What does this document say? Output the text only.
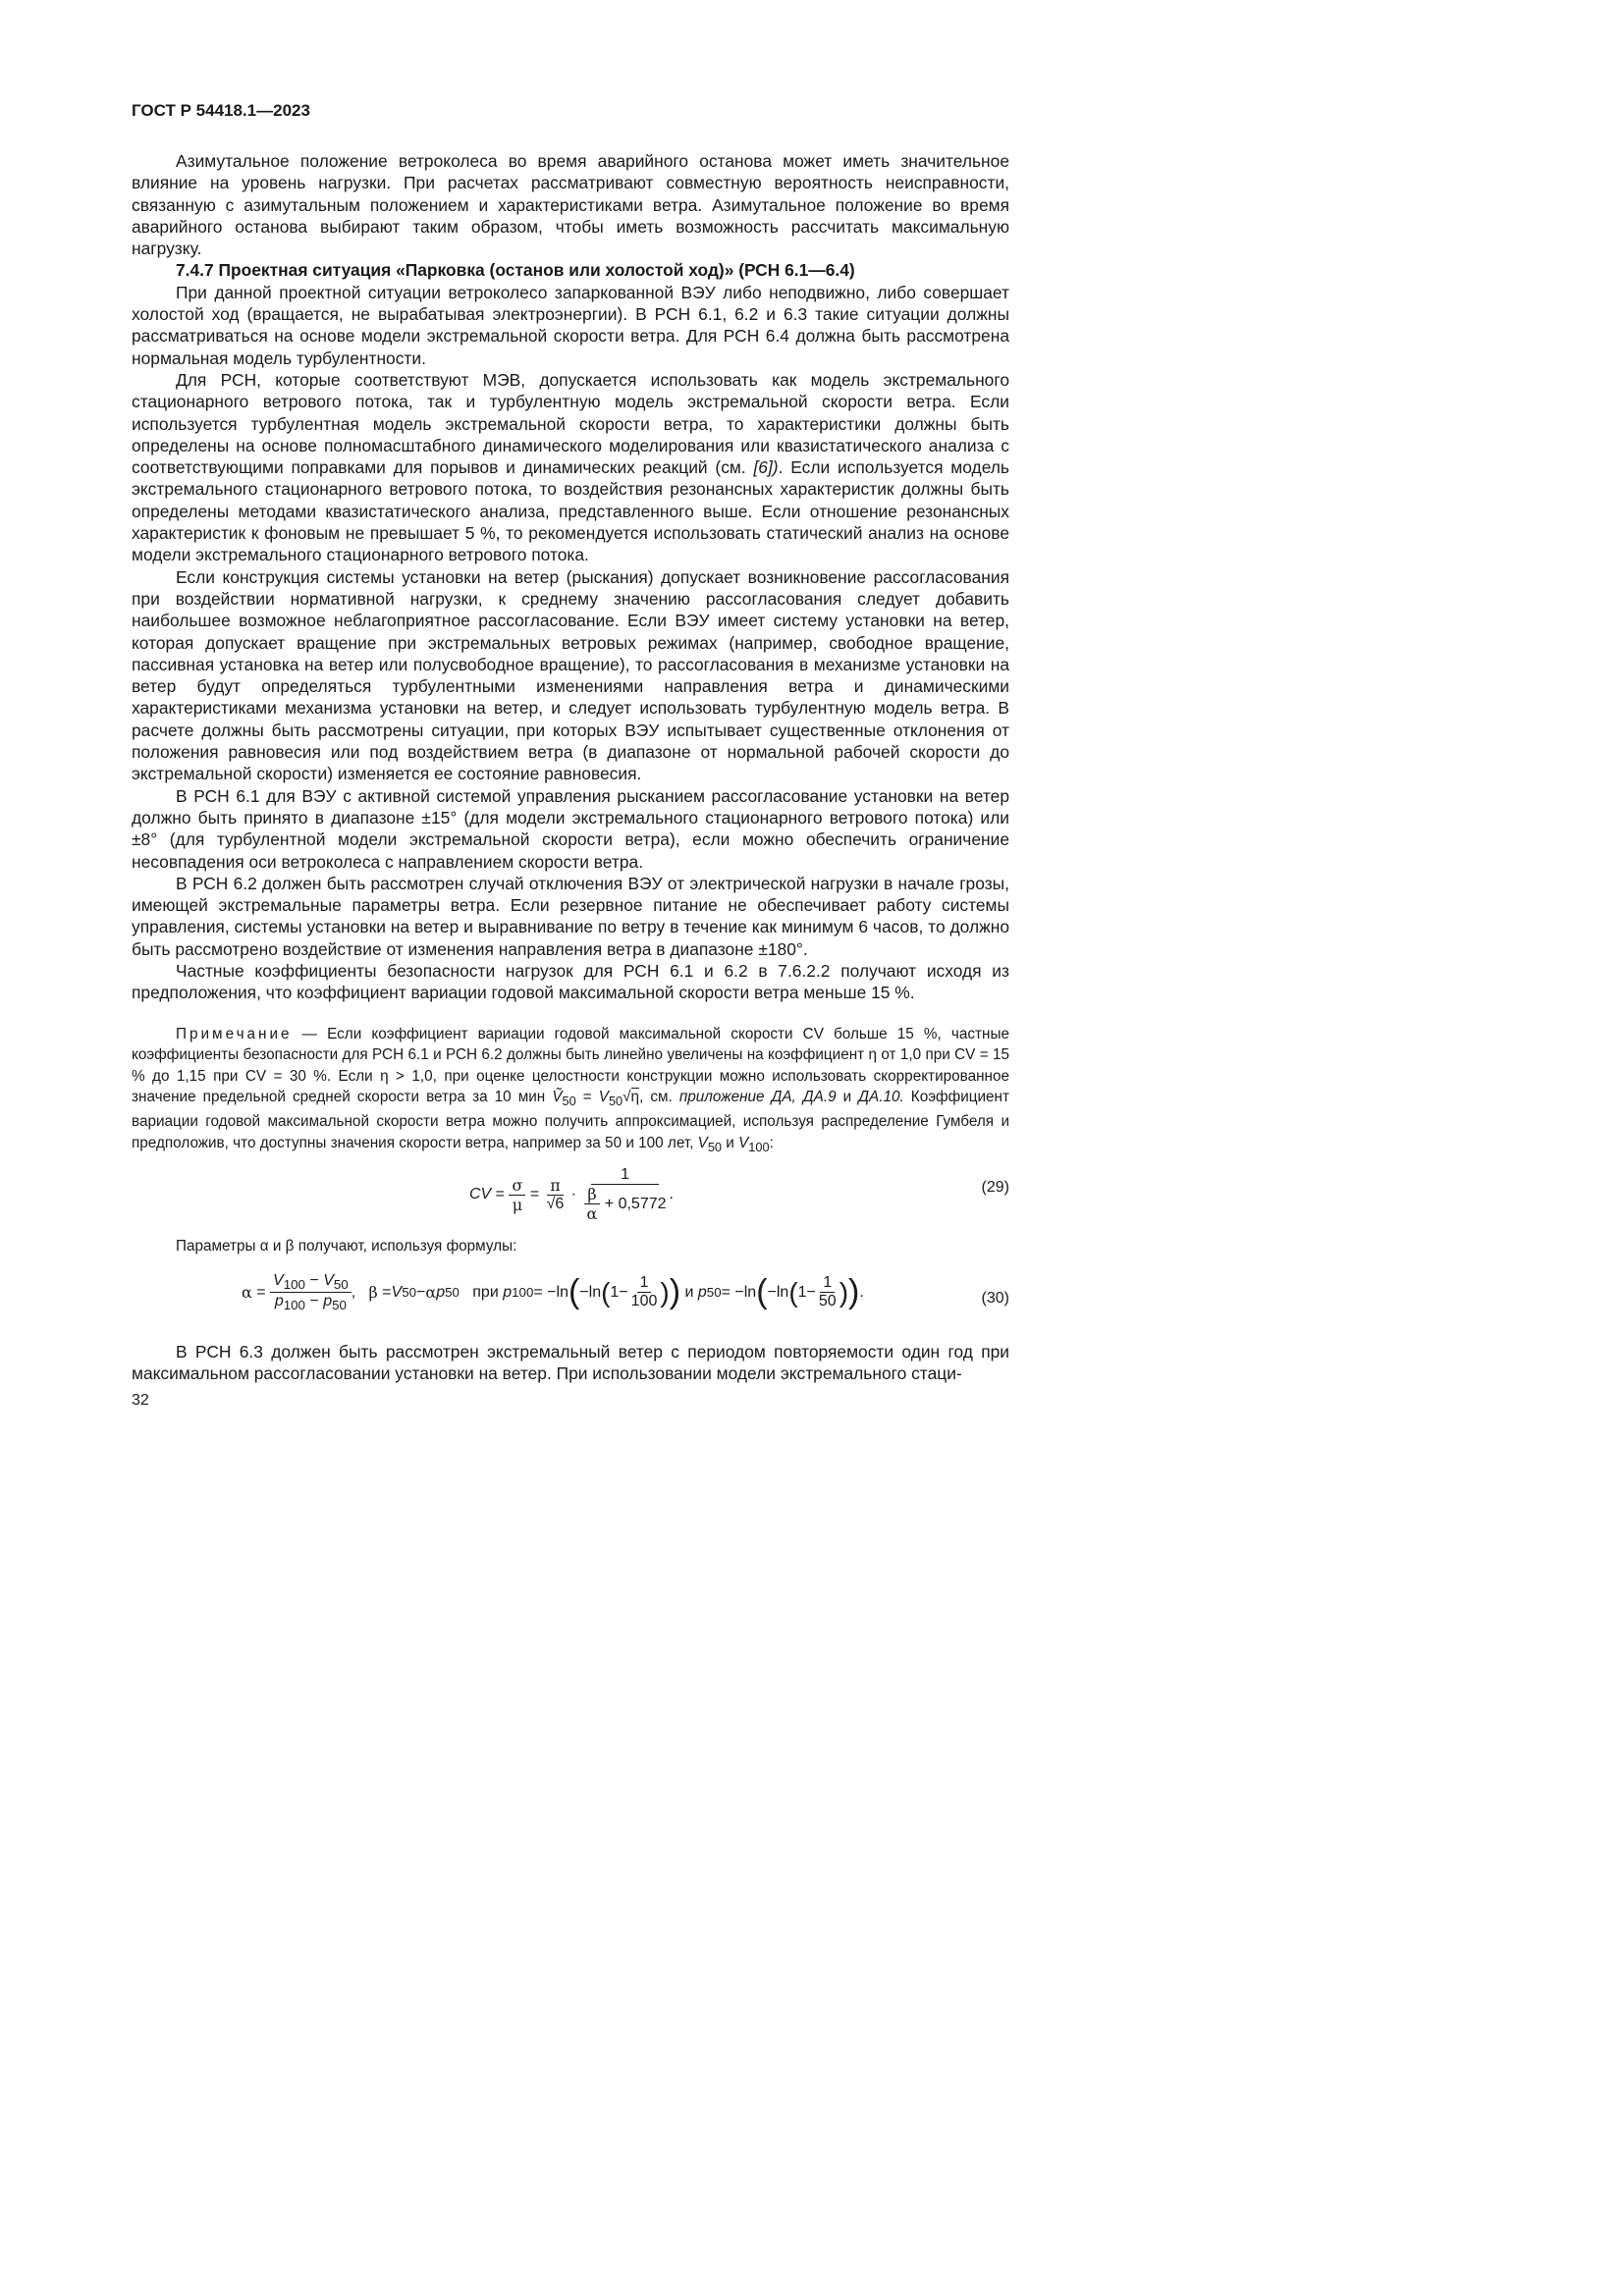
ГОСТ Р 54418.1—2023

Азимутальное положение ветроколеса во время аварийного останова может иметь значительное влияние на уровень нагрузки. При расчетах рассматривают совместную вероятность неисправности, связанную с азимутальным положением и характеристиками ветра. Азимутальное положение во время аварийного останова выбирают таким образом, чтобы иметь возможность рассчитать максимальную нагрузку.

7.4.7 Проектная ситуация «Парковка (останов или холостой ход)» (РСН 6.1—6.4)

При данной проектной ситуации ветроколесо запаркованной ВЭУ либо неподвижно, либо совершает холостой ход (вращается, не вырабатывая электроэнергии). В РСН 6.1, 6.2 и 6.3 такие ситуации должны рассматриваться на основе модели экстремальной скорости ветра. Для РСН 6.4 должна быть рассмотрена нормальная модель турбулентности.

Для РСН, которые соответствуют МЭВ, допускается использовать как модель экстремального стационарного ветрового потока, так и турбулентную модель экстремальной скорости ветра. Если используется турбулентная модель экстремальной скорости ветра, то характеристики должны быть определены на основе полномасштабного динамического моделирования или квазистатического анализа с соответствующими поправками для порывов и динамических реакций (см. [6]). Если используется модель экстремального стационарного ветрового потока, то воздействия резонансных характеристик должны быть определены методами квазистатического анализа, представленного выше. Если отношение резонансных характеристик к фоновым не превышает 5 %, то рекомендуется использовать статический анализ на основе модели экстремального стационарного ветрового потока.

Если конструкция системы установки на ветер (рыскания) допускает возникновение рассогласования при воздействии нормативной нагрузки, к среднему значению рассогласования следует добавить наибольшее возможное неблагоприятное рассогласование. Если ВЭУ имеет систему установки на ветер, которая допускает вращение при экстремальных ветровых режимах (например, свободное вращение, пассивная установка на ветер или полусвободное вращение), то рассогласования в механизме установки на ветер будут определяться турбулентными изменениями направления ветра и динамическими характеристиками механизма установки на ветер, и следует использовать турбулентную модель ветра. В расчете должны быть рассмотрены ситуации, при которых ВЭУ испытывает существенные отклонения от положения равновесия или под воздействием ветра (в диапазоне от нормальной рабочей скорости до экстремальной скорости) изменяется ее состояние равновесия.

В РСН 6.1 для ВЭУ с активной системой управления рысканием рассогласование установки на ветер должно быть принято в диапазоне ±15° (для модели экстремального стационарного ветрового потока) или ±8° (для турбулентной модели экстремальной скорости ветра), если можно обеспечить ограничение несовпадения оси ветроколеса с направлением скорости ветра.

В РСН 6.2 должен быть рассмотрен случай отключения ВЭУ от электрической нагрузки в начале грозы, имеющей экстремальные параметры ветра. Если резервное питание не обеспечивает работу системы управления, системы установки на ветер и выравнивание по ветру в течение как минимум 6 часов, то должно быть рассмотрено воздействие от изменения направления ветра в диапазоне ±180°.

Частные коэффициенты безопасности нагрузок для РСН 6.1 и 6.2 в 7.6.2.2 получают исходя из предположения, что коэффициент вариации годовой максимальной скорости ветра меньше 15 %.

Примечание — Если коэффициент вариации годовой максимальной скорости CV больше 15 %, частные коэффициенты безопасности для РСН 6.1 и РСН 6.2 должны быть линейно увеличены на коэффициент η от 1,0 при CV = 15 % до 1,15 при CV = 30 %. Если η > 1,0, при оценке целостности конструкции можно использовать скорректированное значение предельной средней скорости ветра за 10 мин Ṽ$_{50}$ = $V_{50}√\eta$, см. приложение ДА, ДА.9 и ДА.10. Коэффициент вариации годовой максимальной скорости ветра можно получить аппроксимацией, используя распределение Гумбеля и предположив, что доступны значения скорости ветра, например за 50 и 100 лет, $V_{50}$ и $V_{100}$:

CV = $\frac{\sigma}{\mu} = \frac{\pi}{√6} \cdot \frac{1}{\frac{\beta}{\alpha} + 0,5772}$ .	(29)
Параметры α и β получают, используя формулы:
$\alpha = \frac{V_{100} - V_{50}}{p_{100} - p_{50}}$ , β = V 50 − α p 50
при
p 100 = −ln ( −ln ( $1- \frac{1}{100}$ ) )
и
p 50 = −ln ( −ln ( $1- \frac{1}{50}$ ) ) .	(30)

В РСН 6.3 должен быть рассмотрен экстремальный ветер с периодом повторяемости один год при максимальном рассогласовании установки на ветер. При использовании модели экстремального стаци-

32
